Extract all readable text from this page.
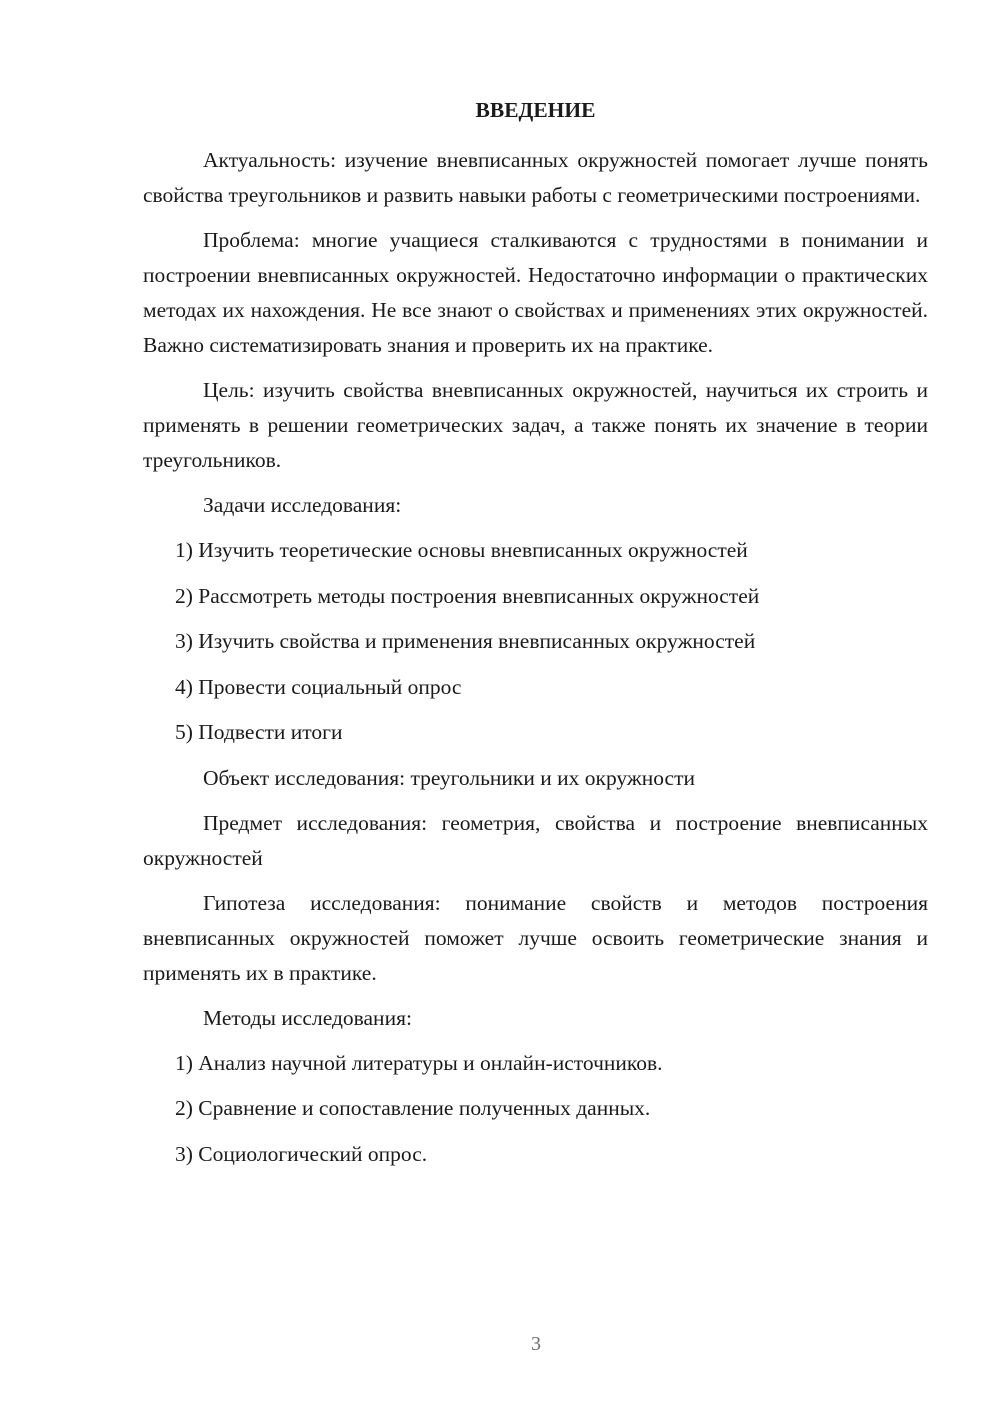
ВВЕДЕНИЕ

Актуальность: изучение вневписанных окружностей помогает лучше понять свойства треугольников и развить навыки работы с геометрическими построениями.

Проблема: многие учащиеся сталкиваются с трудностями в понимании и построении вневписанных окружностей. Недостаточно информации о практических методах их нахождения. Не все знают о свойствах и применениях этих окружностей. Важно систематизировать знания и проверить их на практике.

Цель: изучить свойства вневписанных окружностей, научиться их строить и применять в решении геометрических задач, а также понять их значение в теории треугольников.

Задачи исследования:

1) Изучить теоретические основы вневписанных окружностей
2) Рассмотреть методы построения вневписанных окружностей
3) Изучить свойства и применения вневписанных окружностей
4) Провести социальный опрос
5) Подвести итоги

Объект исследования: треугольники и их окружности

Предмет исследования: геометрия, свойства и построение вневписанных окружностей

Гипотеза исследования: понимание свойств и методов построения вневписанных окружностей поможет лучше освоить геометрические знания и применять их в практике.

Методы исследования:

1) Анализ научной литературы и онлайн-источников.
2) Сравнение и сопоставление полученных данных.
3) Социологический опрос.
3
